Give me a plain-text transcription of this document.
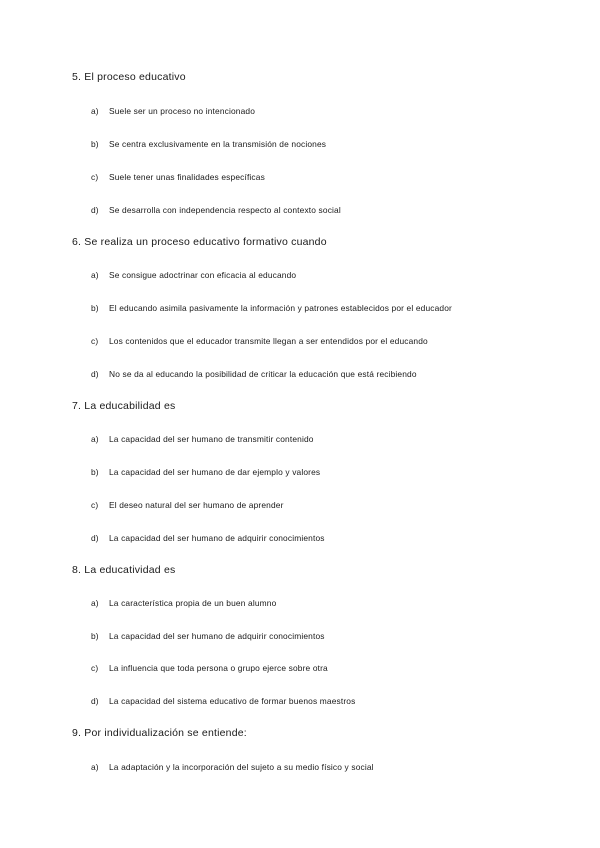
5. El proceso educativo
a) Suele ser un proceso no intencionado
b) Se centra exclusivamente en la transmisión de nociones
c) Suele tener unas finalidades específicas
d) Se desarrolla con independencia respecto al contexto social
6. Se realiza un proceso educativo formativo cuando
a) Se consigue adoctrinar con eficacia al educando
b) El educando asimila pasivamente la información y patrones establecidos por el educador
c) Los contenidos que el educador transmite llegan a ser entendidos por el educando
d) No se da al educando la posibilidad de criticar la educación que está recibiendo
7. La educabilidad es
a) La capacidad del ser humano de transmitir contenido
b) La capacidad del ser humano de dar ejemplo y valores
c) El deseo natural del ser humano de aprender
d) La capacidad del ser humano de adquirir conocimientos
8. La educatividad es
a) La característica propia de un buen alumno
b) La capacidad del ser humano de adquirir conocimientos
c) La influencia que toda persona o grupo ejerce sobre otra
d) La capacidad del sistema educativo de formar buenos maestros
9. Por individualización se entiende:
a) La adaptación y la incorporación del sujeto a su medio físico y social
